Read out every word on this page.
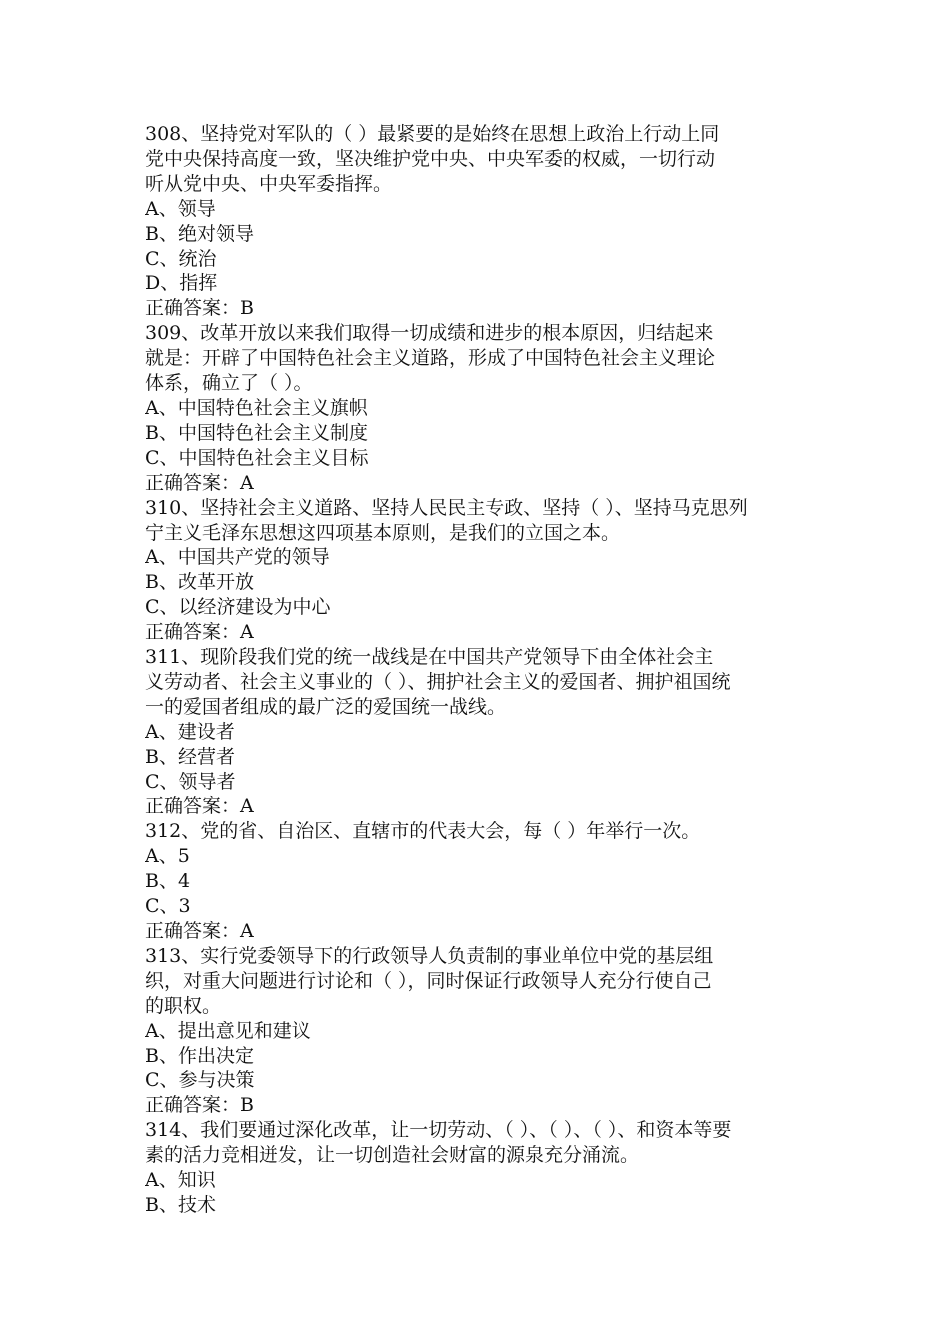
308、坚持党对军队的（ ）最紧要的是始终在思想上政治上行动上同
党中央保持高度一致，坚决维护党中央、中央军委的权威，一切行动
听从党中央、中央军委指挥。
A、领导
B、绝对领导
C、统治
D、指挥
正确答案：B
309、改革开放以来我们取得一切成绩和进步的根本原因，归结起来
就是：开辟了中国特色社会主义道路，形成了中国特色社会主义理论
体系，确立了（ ）。
A、中国特色社会主义旗帜
B、中国特色社会主义制度
C、中国特色社会主义目标
正确答案：A
310、坚持社会主义道路、坚持人民民主专政、坚持（ ）、坚持马克思列
宁主义毛泽东思想这四项基本原则，是我们的立国之本。
A、中国共产党的领导
B、改革开放
C、以经济建设为中心
正确答案：A
311、现阶段我们党的统一战线是在中国共产党领导下由全体社会主
义劳动者、社会主义事业的（ ）、拥护社会主义的爱国者、拥护祖国统
一的爱国者组成的最广泛的爱国统一战线。
A、建设者
B、经营者
C、领导者
正确答案：A
312、党的省、自治区、直辖市的代表大会，每（ ）年举行一次。
A、5
B、4
C、3
正确答案：A
313、实行党委领导下的行政领导人负责制的事业单位中党的基层组
织，对重大问题进行讨论和（ ），同时保证行政领导人充分行使自己
的职权。
A、提出意见和建议
B、作出决定
C、参与决策
正确答案：B
314、我们要通过深化改革，让一切劳动、（ ）、（ ）、（ ）、和资本等要
素的活力竞相迸发，让一切创造社会财富的源泉充分涌流。
A、知识
B、技术
